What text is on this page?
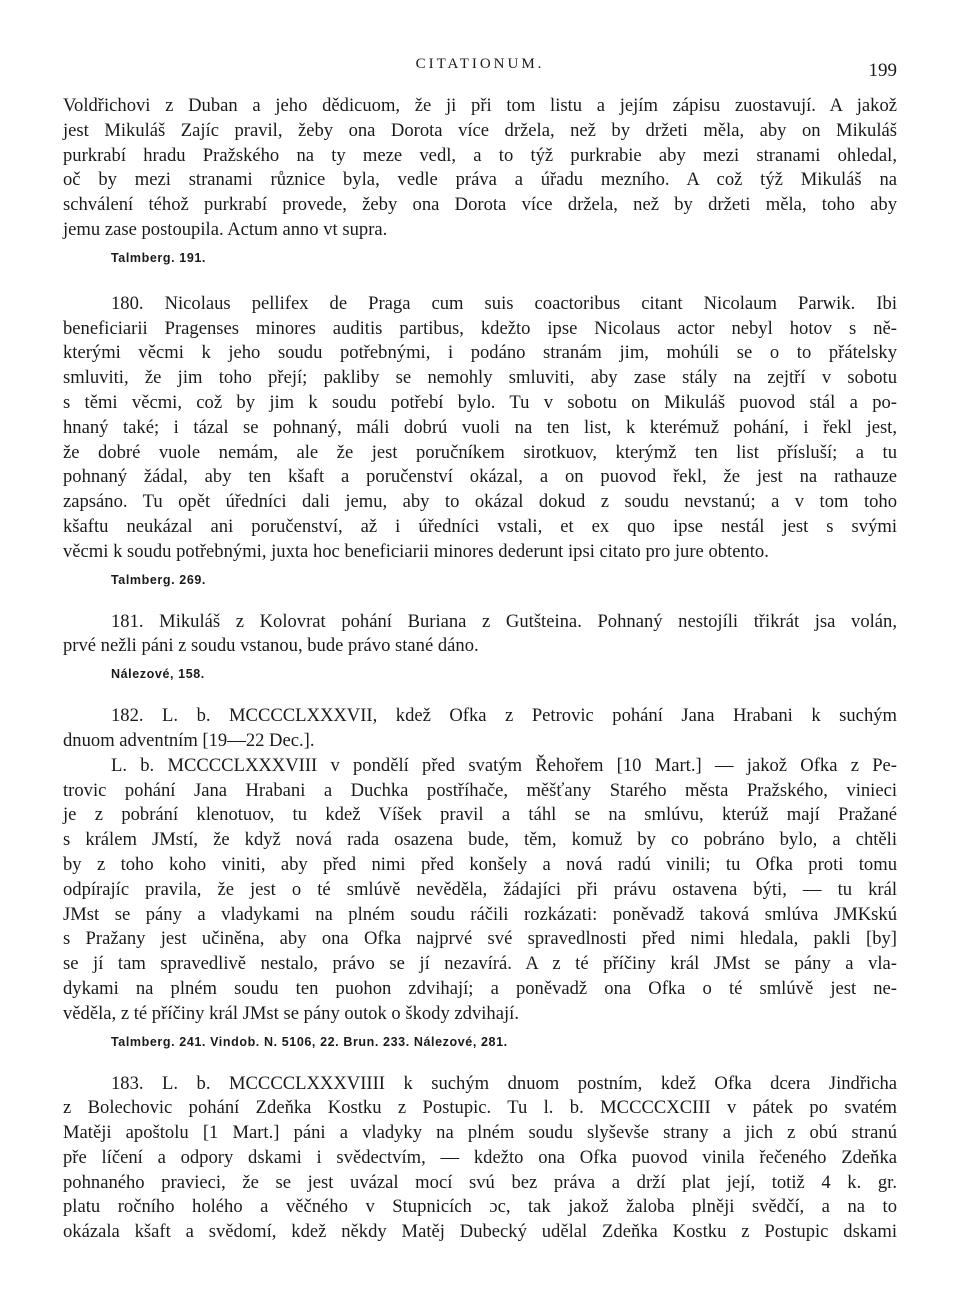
CITATIONUM.	199
Voldřichovi z Duban a jeho dědicuom, že ji při tom listu a jejím zápisu zuostavují. A jakož
jest Mikuláš Zajíc pravil, žeby ona Dorota více držela, než by držeti měla, aby on Mikuláš
purkrabí hradu Pražského na ty meze vedl, a to týž purkrabie aby mezi stranami ohledal,
oč by mezi stranami různice byla, vedle práva a úřadu mezního. A což týž Mikuláš na
schválení téhož purkrabí provede, žeby ona Dorota více držela, než by držeti měla, toho aby
jemu zase postoupila. Actum anno vt supra.
Talmberg. 191.
180. Nicolaus pellifex de Praga cum suis coactoribus citant Nicolaum Parwik. Ibi
beneficiarii Pragenses minores auditis partibus, kdežto ipse Nicolaus actor nebyl hotov s ně-
kterými věcmi k jeho soudu potřebnými, i podáno stranám jim, mohúli se o to přátelsky
smluviti, že jim toho přejí; pakliby se nemohly smluviti, aby zase stály na zejtří v sobotu
s těmi věcmi, což by jim k soudu potřebí bylo. Tu v sobotu on Mikuláš puovod stál a po-
hnaný také; i tázal se pohnaný, máli dobrú vuoli na ten list, k kterémuž pohání, i řekl jest,
že dobré vuole nemám, ale že jest poručníkem sirotkuov, kterýmž ten list přísluší; a tu
pohnaný žádal, aby ten kšaft a poručenství okázal, a on puovod řekl, že jest na rathauze
zapsáno. Tu opět úředníci dali jemu, aby to okázal dokud z soudu nevstanú; a v tom toho
kšaftu neukázal ani poručenství, až i úředníci vstali, et ex quo ipse nestál jest s svými
věcmi k soudu potřebnými, juxta hoc beneficiarii minores dederunt ipsi citato pro jure obtento.
Talmberg. 269.
181. Mikuláš z Kolovrat pohání Buriana z Gutšteina. Pohnaný nestojíli třikrát jsa volán,
prvé nežli páni z soudu vstanou, bude právo stané dáno.
Nálezové, 158.
182. L. b. MCCCCLXXXVII, kdež Ofka z Petrovic pohání Jana Hrabani k suchým
dnuom adventním [19—22 Dec.].
L. b. MCCCCLXXXVIII v pondělí před svatým Řehořem [10 Mart.] — jakož Ofka z Pe-
trovic pohání Jana Hrabani a Duchka postříhače, měšťany Starého města Pražského, vinieci
je z pobrání klenotuov, tu kdež Víšek pravil a táhl se na smlúvu, kterúž mají Pražané
s králem JMstí, že když nová rada osazena bude, těm, komuž by co pobráno bylo, a chtěli
by z toho koho viniti, aby před nimi před konšely a nová radú vinili; tu Ofka proti tomu
odpírajíc pravila, že jest o té smlúvě nevěděla, žádajíci při právu ostavena býti, — tu král
JMst se pány a vladykami na plném soudu ráčili rozkázati: poněvadž taková smlúva JMKskú
s Pražany jest učiněna, aby ona Ofka najprvé své spravedlnosti před nimi hledala, pakli [by]
se jí tam spravedlivě nestalo, právo se jí nezavírá. A z té příčiny král JMst se pány a vla-
dykami na plném soudu ten puohon zdvihají; a poněvadž ona Ofka o té smlúvě jest ne-
věděla, z té příčiny král JMst se pány outok o škody zdvihají.
Talmberg. 241. Vindob. N. 5106, 22. Brun. 233. Nálezové, 281.
183. L. b. MCCCCLXXXVIIII k suchým dnuom postním, kdež Ofka dcera Jindřicha
z Bolechovic pohání Zdeňka Kostku z Postupic. Tu l. b. MCCCCXCIII v pátek po svatém
Matěji apoštolu [1 Mart.] páni a vladyky na plném soudu slyševše strany a jich z obú stranú
pře líčení a odpory dskami i svědectvím, — kdežto ona Ofka puovod vinila řečeného Zdeňka
pohnaného pravieci, že se jest uvázal mocí svú bez práva a drží plat její, totiž 4 k. gr.
platu ročního holého a věčného v Stupnicích ɔc, tak jakož žaloba plněji svědčí, a na to
okázala kšaft a svědomí, kdež někdy Matěj Dubecký udělal Zdeňka Kostku z Postupic dskami
